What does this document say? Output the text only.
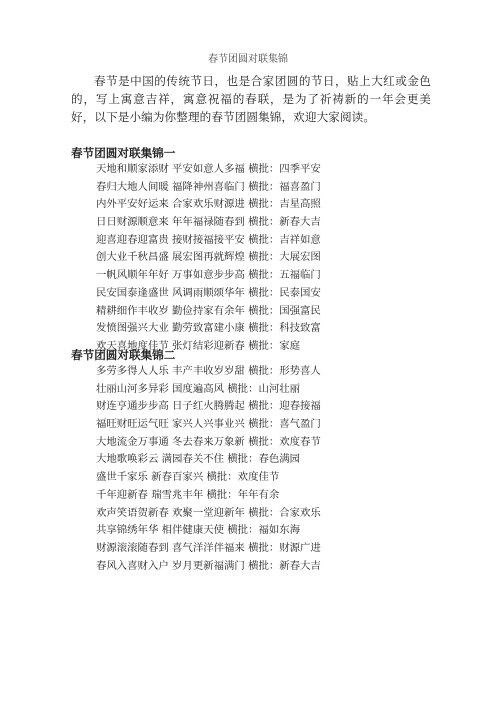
春节团圆对联集锦

春节是中国的传统节日，也是合家团圆的节日，贴上大红或金色的，写上寓意吉祥，寓意祝福的春联，是为了祈祷新的一年会更美好，以下是小编为你整理的春节团圆集锦，欢迎大家阅读。

春节团圆对联集锦一

天地和顺家添财 平安如意人多福 横批：四季平安

春归大地人间暖 福降神州喜临门 横批：福喜盈门

内外平安好运来 合家欢乐财源进 横批：吉星高照

日日财源顺意来 年年福禄随春到 横批：新春大吉

迎喜迎春迎富贵 接财接福接平安 横批：吉祥如意

创大业千秋昌盛 展宏图再就辉煌 横批：大展宏图

一帆风顺年年好 万事如意步步高 横批：五福临门

民安国泰逢盛世 风调雨顺颂华年 横批：民泰国安

精耕细作丰收岁 勤俭持家有余年 横批：国强富民

发愤图强兴大业 勤劳致富建小康 横批：科技致富

欢天喜地度佳节 张灯结彩迎新春 横批：家庭

春节团圆对联集锦二

多劳多得人人乐 丰产丰收岁岁甜 横批：形势喜人

壮丽山河多异彩 国度遍高风 横批：山河壮丽

财连亨通步步高 日子红火腾腾起 横批：迎春接福

福旺财旺运气旺 家兴人兴事业兴 横批：喜气盈门

大地流金万事通 冬去春来万象新 横批：欢度春节

大地歌唤彩云 满园春关不住 横批：春色满园

盛世千家乐 新春百家兴 横批：欢度佳节

千年迎新春 瑞雪兆丰年 横批：年年有余

欢声笑语贺新春 欢聚一堂迎新年 横批：合家欢乐

共享锦绣年华 相伴健康天使 横批：福如东海

财源滚滚随春到 喜气洋洋伴福来 横批：财源广进

春风入喜财入户 岁月更新福满门 横批：新春大吉
